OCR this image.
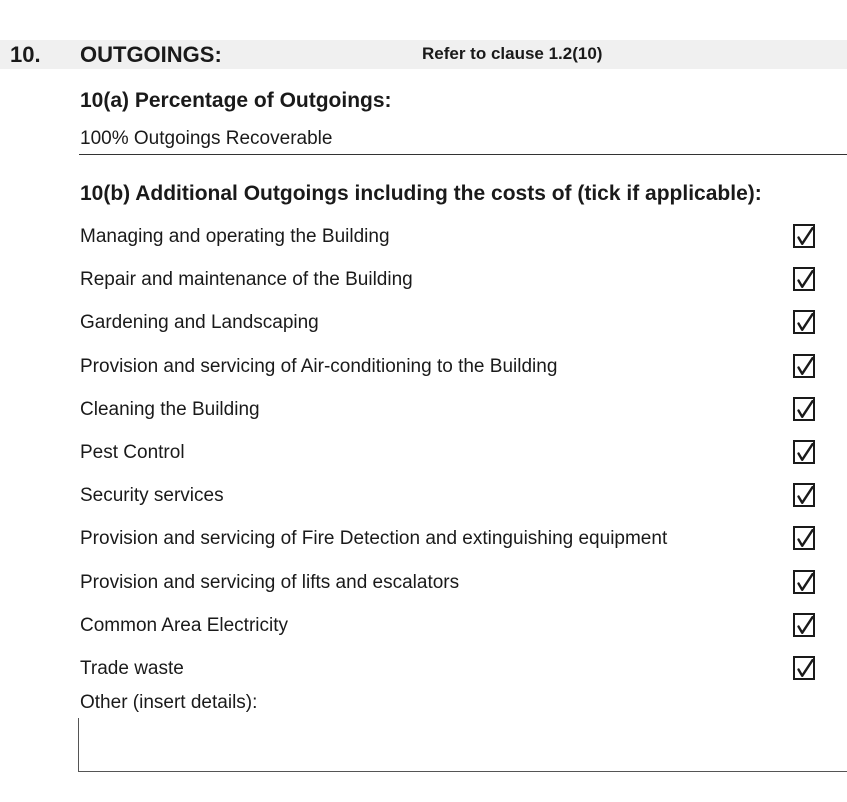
10. OUTGOINGS:	Refer to clause 1.2(10)
10(a) Percentage of Outgoings:
100% Outgoings Recoverable
10(b) Additional Outgoings including the costs of (tick if applicable):
Managing and operating the Building
Repair and maintenance of the Building
Gardening and Landscaping
Provision and servicing of Air-conditioning to the Building
Cleaning the Building
Pest Control
Security services
Provision and servicing of Fire Detection and extinguishing equipment
Provision and servicing of lifts and escalators
Common Area Electricity
Trade waste
Other (insert details):
